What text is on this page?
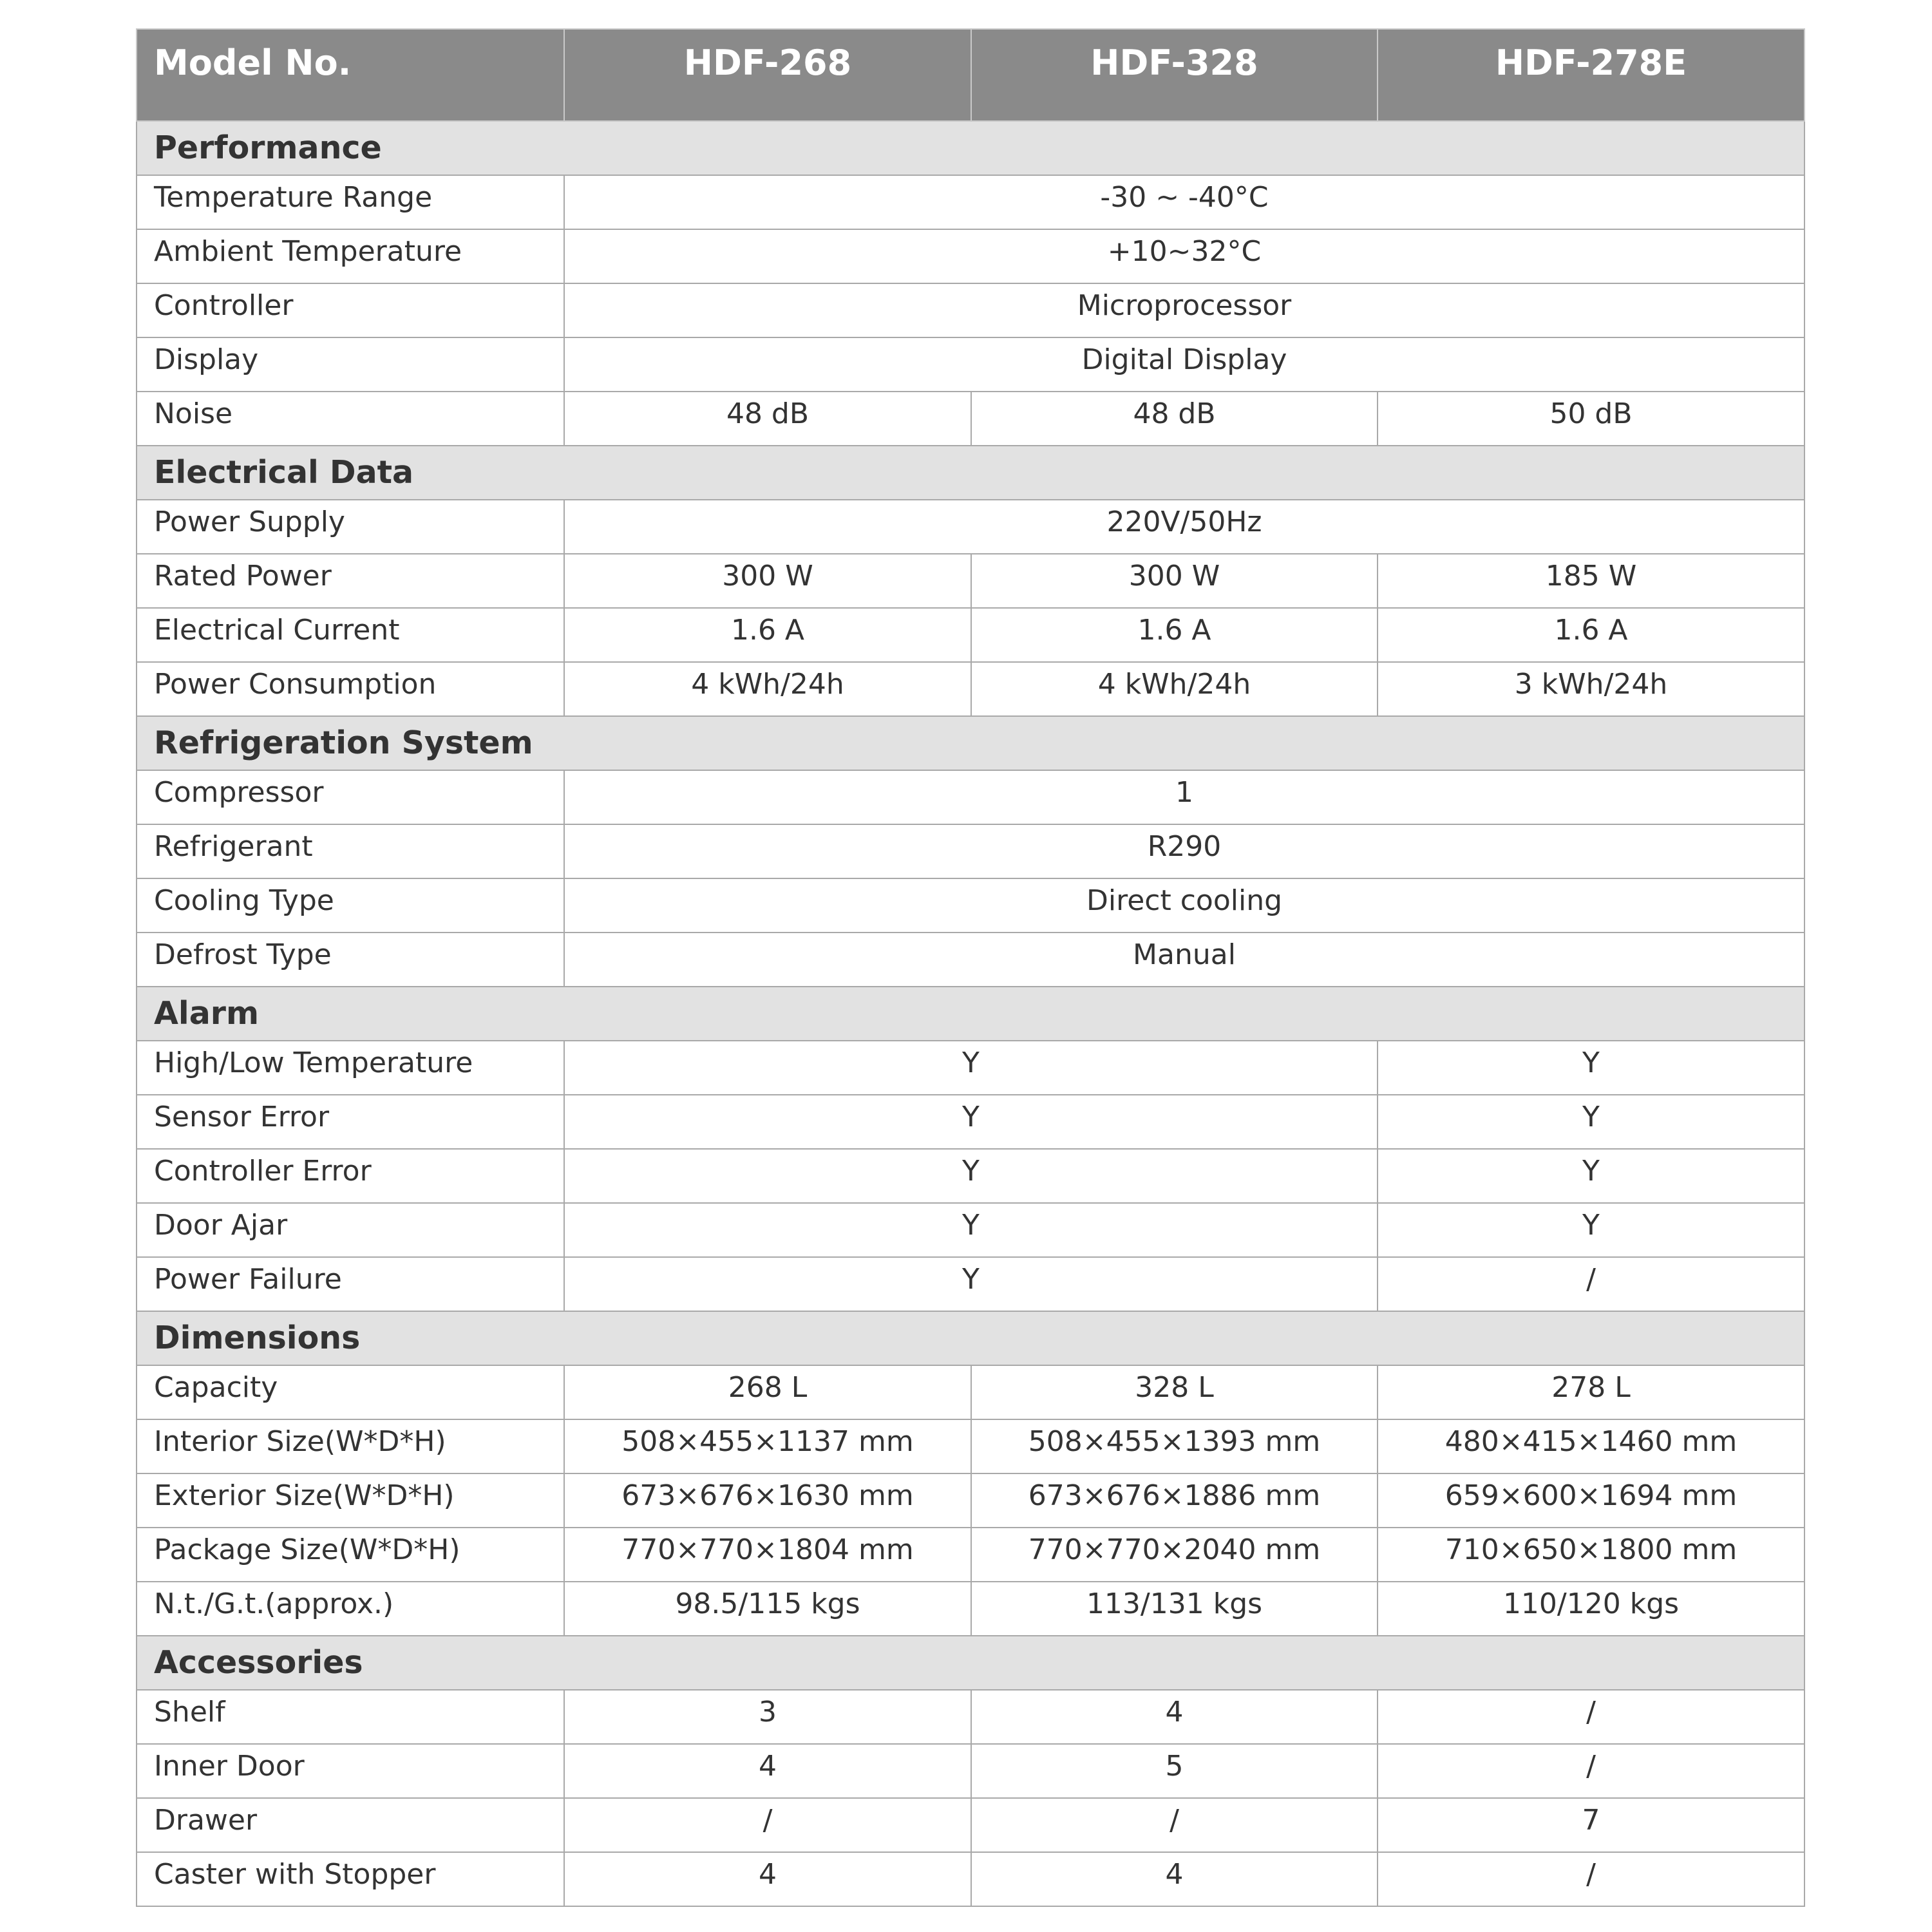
Model No.	HDF-268	HDF-328	HDF-278E
Performance			
Temperature Range	-30 ~ -40°C		
Ambient Temperature	+10~32°C		
Controller	Microprocessor		
Display	Digital Display		
Noise	48 dB	48 dB	50 dB
Electrical Data			
Power Supply	220V/50Hz		
Rated Power	300 W	300 W	185 W
Electrical Current	1.6 A	1.6 A	1.6 A
Power Consumption	4 kWh/24h	4 kWh/24h	3 kWh/24h
Refrigeration System			
Compressor	1		
Refrigerant	R290		
Cooling Type	Direct cooling		
Defrost Type	Manual		
Alarm			
High/Low Temperature	Y		Y
Sensor Error	Y		Y
Controller Error	Y		Y
Door Ajar	Y		Y
Power Failure	Y		/
Dimensions			
Capacity	268 L	328 L	278 L
Interior Size(W*D*H)	508×455×1137 mm	508×455×1393 mm	480×415×1460 mm
Exterior Size(W*D*H)	673×676×1630 mm	673×676×1886 mm	659×600×1694 mm
Package Size(W*D*H)	770×770×1804 mm	770×770×2040 mm	710×650×1800 mm
N.t./G.t.(approx.)	98.5/115 kgs	113/131 kgs	110/120 kgs
Accessories			
Shelf	3	4	/
Inner Door	4	5	/
Drawer	/	/	7
Caster with Stopper	4	4	/
